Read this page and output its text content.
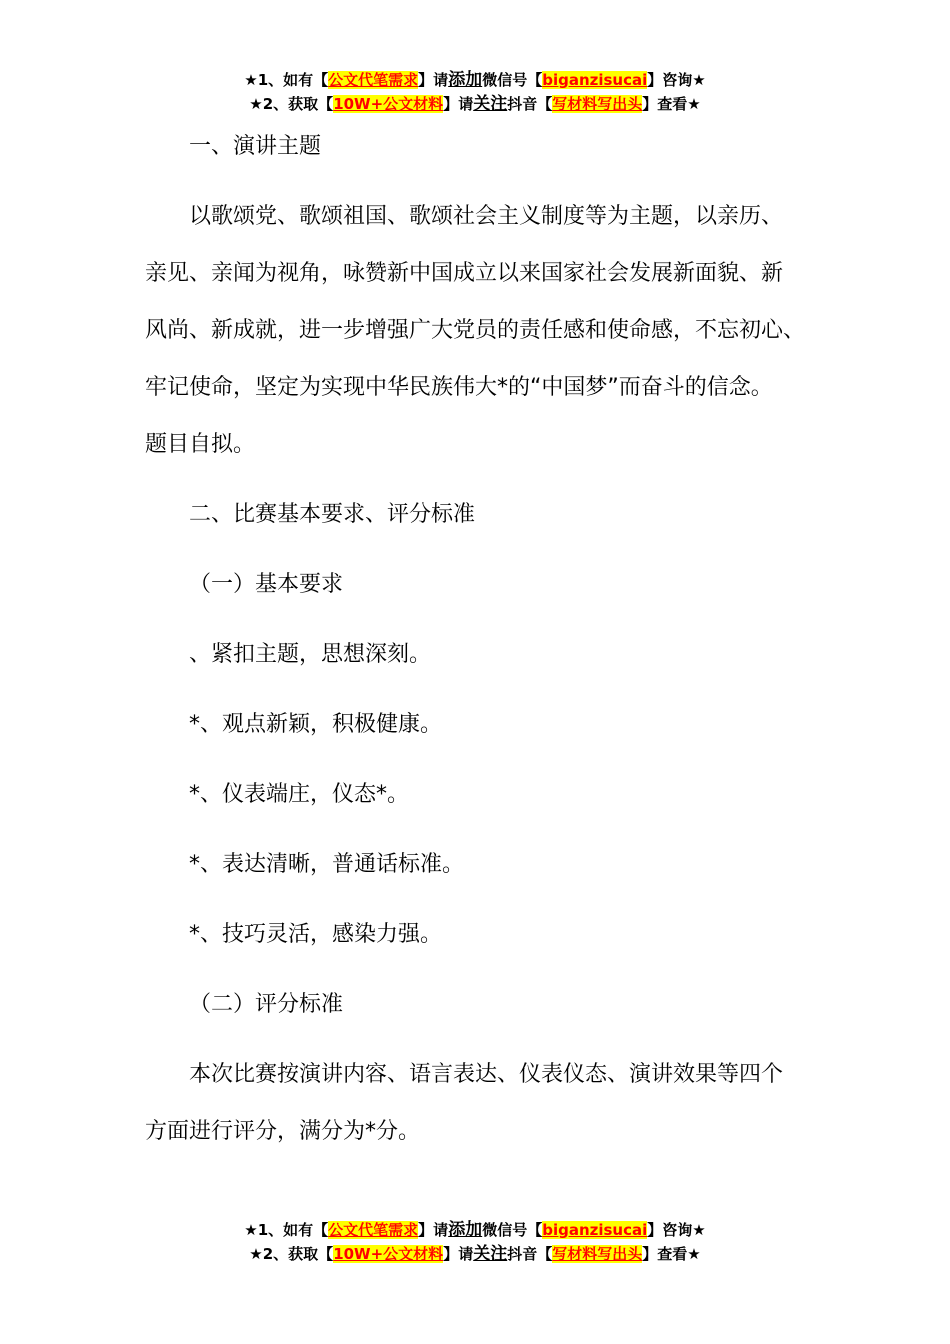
★1、如有【公文代笔需求】请添加微信号【biganzisucai】咨询★
★2、获取【10W+公文材料】请关注抖音【写材料写出头】查看★
一、演讲主题
以歌颂党、歌颂祖国、歌颂社会主义制度等为主题，以亲历、
亲见、亲闻为视角，咏赞新中国成立以来国家社会发展新面貌、新
风尚、新成就，进一步增强广大党员的责任感和使命感，不忘初心、
牢记使命，坚定为实现中华民族伟大*的“中国梦”而奋斗的信念。
题目自拟。
二、比赛基本要求、评分标准
（一）基本要求
、紧扣主题，思想深刻。
*、观点新颖，积极健康。
*、仪表端庄，仪态*。
*、表达清晰，普通话标准。
*、技巧灵活，感染力强。
（二）评分标准
本次比赛按演讲内容、语言表达、仪表仪态、演讲效果等四个
方面进行评分，满分为*分。
★1、如有【公文代笔需求】请添加微信号【biganzisucai】咨询★
★2、获取【10W+公文材料】请关注抖音【写材料写出头】查看★
